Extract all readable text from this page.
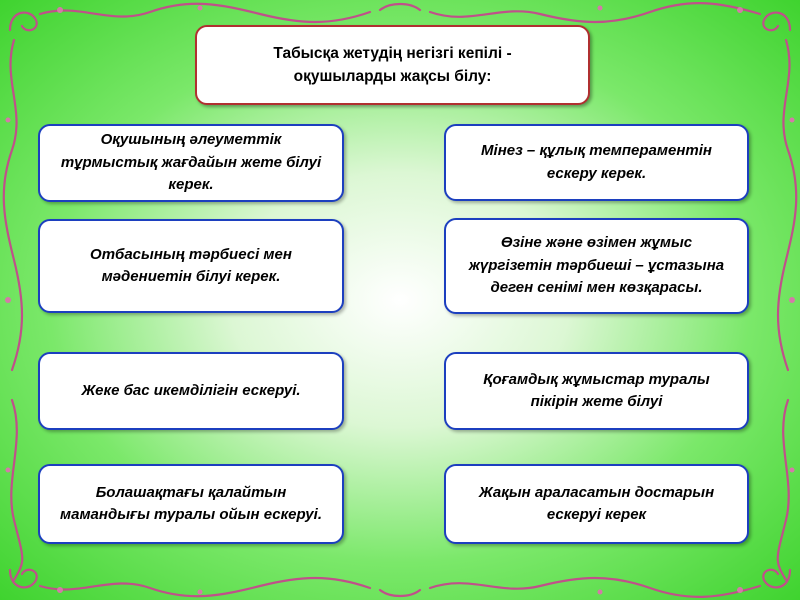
Табысқа жетудің негізгі кепілі -
оқушыларды жақсы білу:
Оқушының әлеуметтік тұрмыстық жағдайын жете білуі керек.
Отбасының тәрбиесі мен мәдениетін білуі керек.
Жеке бас икемділігін ескеруі.
Болашақтағы қалайтын мамандығы туралы ойын ескеруі.
Мінез – құлық темпераментін ескеру керек.
Өзіне және өзімен жұмыс жүргізетін тәрбиеші – ұстазына деген сенімі мен көзқарасы.
Қоғамдық жұмыстар туралы пікірін жете білуі
Жақын араласатын достарын ескеруі керек
